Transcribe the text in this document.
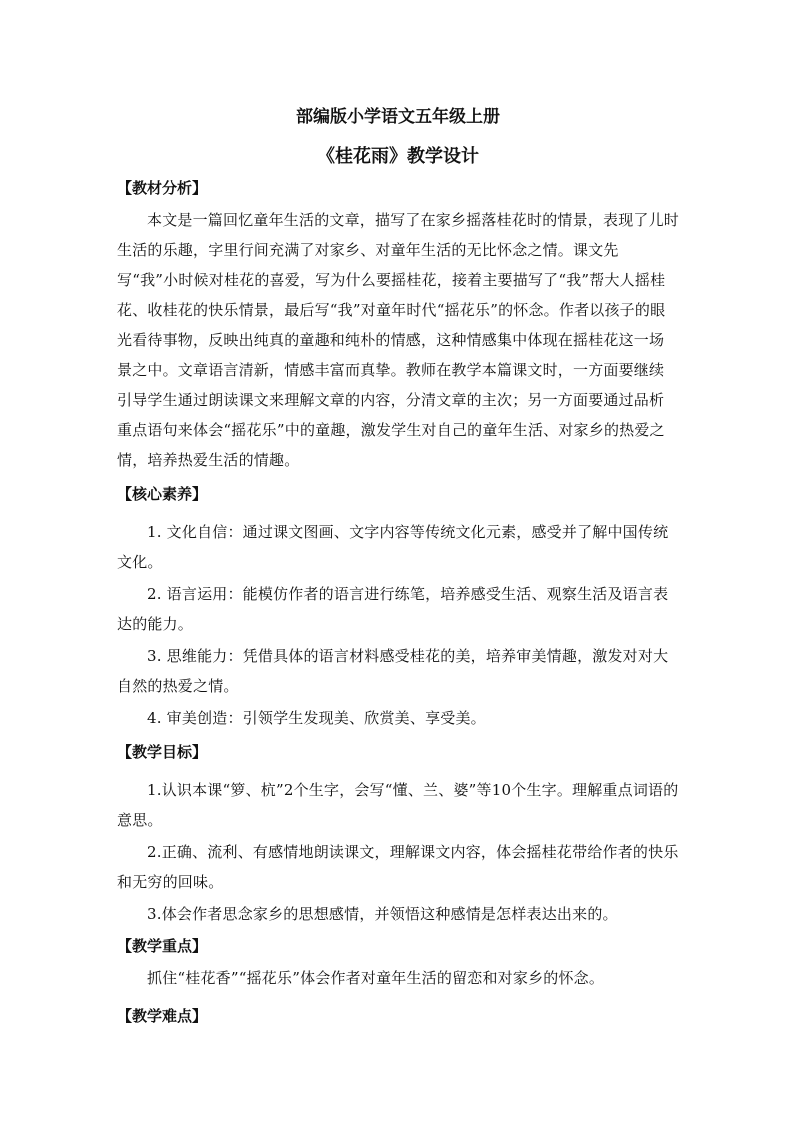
部编版小学语文五年级上册

《桂花雨》教学设计

【教材分析】

本文是一篇回忆童年生活的文章，描写了在家乡摇落桂花时的情景，表现了儿时生活的乐趣，字里行间充满了对家乡、对童年生活的无比怀念之情。课文先写“我”小时候对桂花的喜爱，写为什么要摇桂花，接着主要描写了“我”帮大人摇桂花、收桂花的快乐情景，最后写“我”对童年时代“摇花乐”的怀念。作者以孩子的眼光看待事物，反映出纯真的童趣和纯朴的情感，这种情感集中体现在摇桂花这一场景之中。文章语言清新，情感丰富而真挚。教师在教学本篇课文时，一方面要继续引导学生通过朗读课文来理解文章的内容，分清文章的主次；另一方面要通过品析重点语句来体会“摇花乐”中的童趣，激发学生对自己的童年生活、对家乡的热爱之情，培养热爱生活的情趣。

【核心素养】

1. 文化自信：通过课文图画、文字内容等传统文化元素，感受并了解中国传统文化。

2. 语言运用：能模仿作者的语言进行练笔，培养感受生活、观察生活及语言表达的能力。

3. 思维能力：凭借具体的语言材料感受桂花的美，培养审美情趣，激发对对大自然的热爱之情。

4. 审美创造：引领学生发现美、欣赏美、享受美。

【教学目标】

1.认识本课“箩、杭”2个生字，会写“懂、兰、婆”等10个生字。理解重点词语的意思。

2.正确、流利、有感情地朗读课文，理解课文内容，体会摇桂花带给作者的快乐和无穷的回味。

3.体会作者思念家乡的思想感情，并领悟这种感情是怎样表达出来的。

【教学重点】

抓住“桂花香”“摇花乐”体会作者对童年生活的留恋和对家乡的怀念。

【教学难点】
